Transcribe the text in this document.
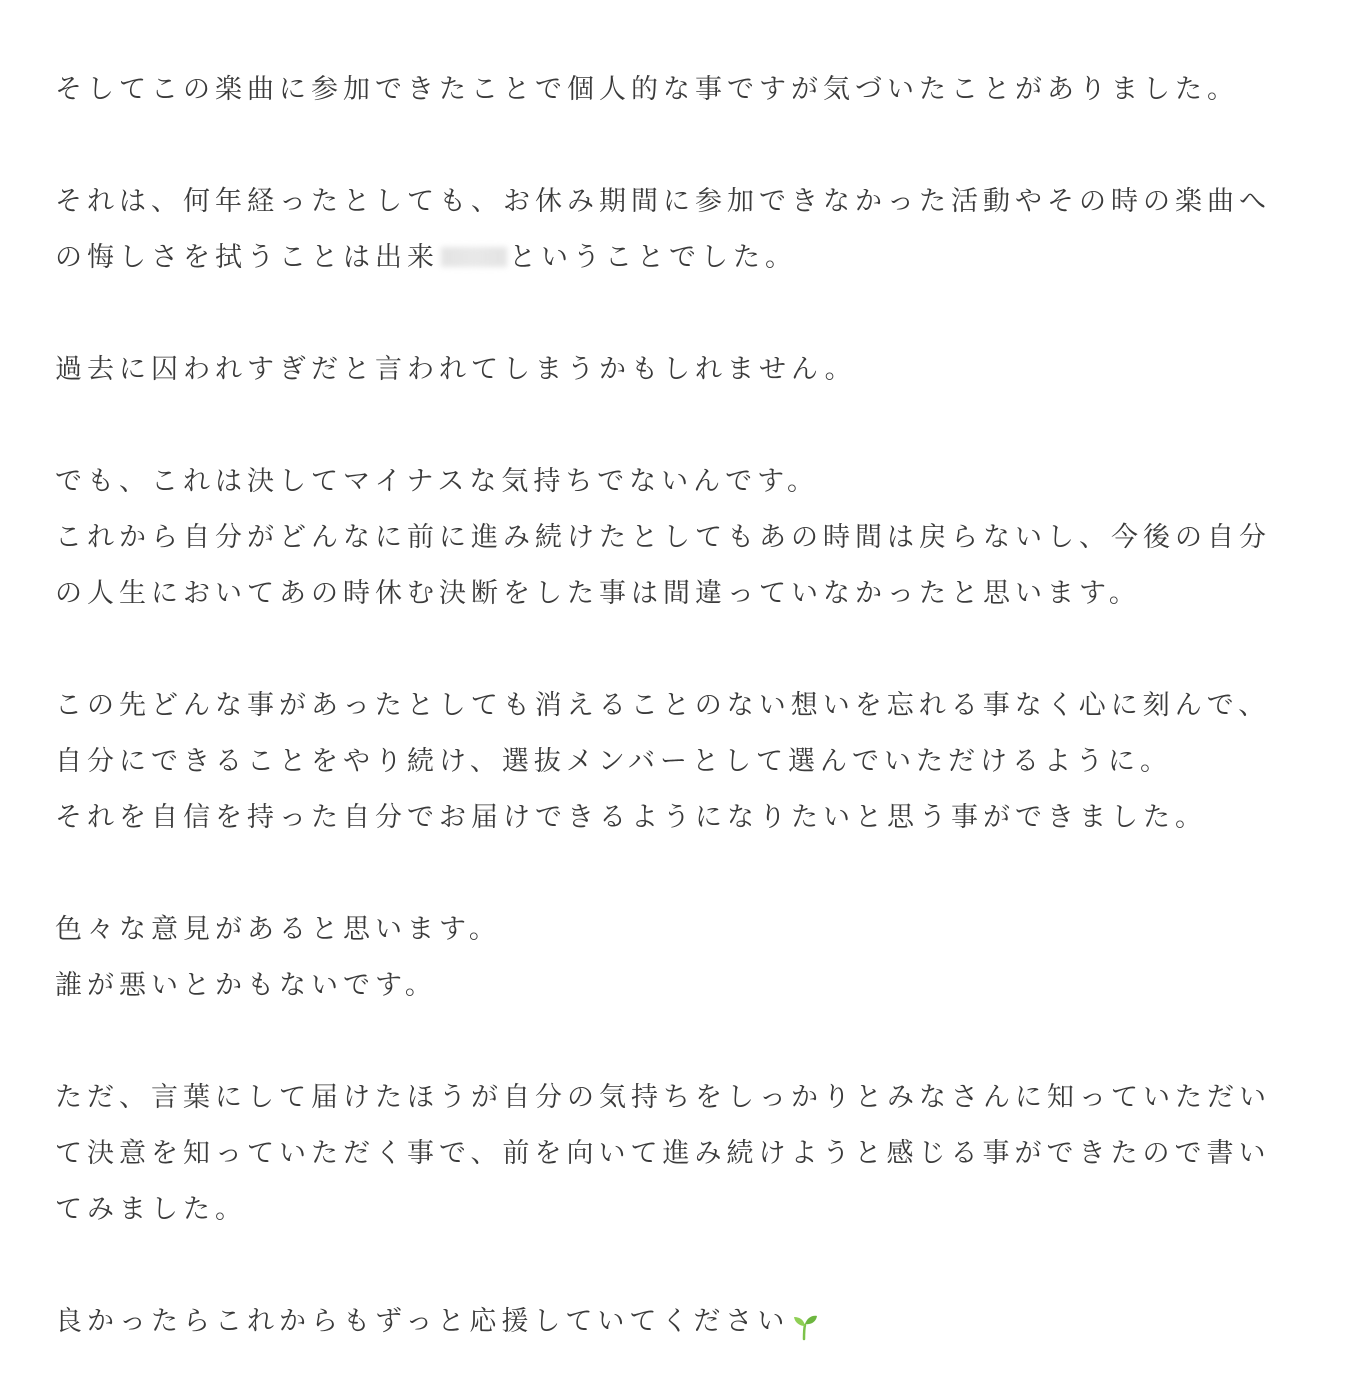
そしてこの楽曲に参加できたことで個人的な事ですが気づいたことがありました。

それは、何年経ったとしても、お休み期間に参加できなかった活動やその時の楽曲へ
の悔しさを拭うことは出来	ということでした。

過去に囚われすぎだと言われてしまうかもしれません。

でも、これは決してマイナスな気持ちでないんです。
これから自分がどんなに前に進み続けたとしてもあの時間は戻らないし、今後の自分
の人生においてあの時休む決断をした事は間違っていなかったと思います。

この先どんな事があったとしても消えることのない想いを忘れる事なく心に刻んで、
自分にできることをやり続け、選抜メンバーとして選んでいただけるように。
それを自信を持った自分でお届けできるようになりたいと思う事ができました。

色々な意見があると思います。
誰が悪いとかもないです。

ただ、言葉にして届けたほうが自分の気持ちをしっかりとみなさんに知っていただい
て決意を知っていただく事で、前を向いて進み続けようと感じる事ができたので書い
てみました。

良かったらこれからもずっと応援していてください
